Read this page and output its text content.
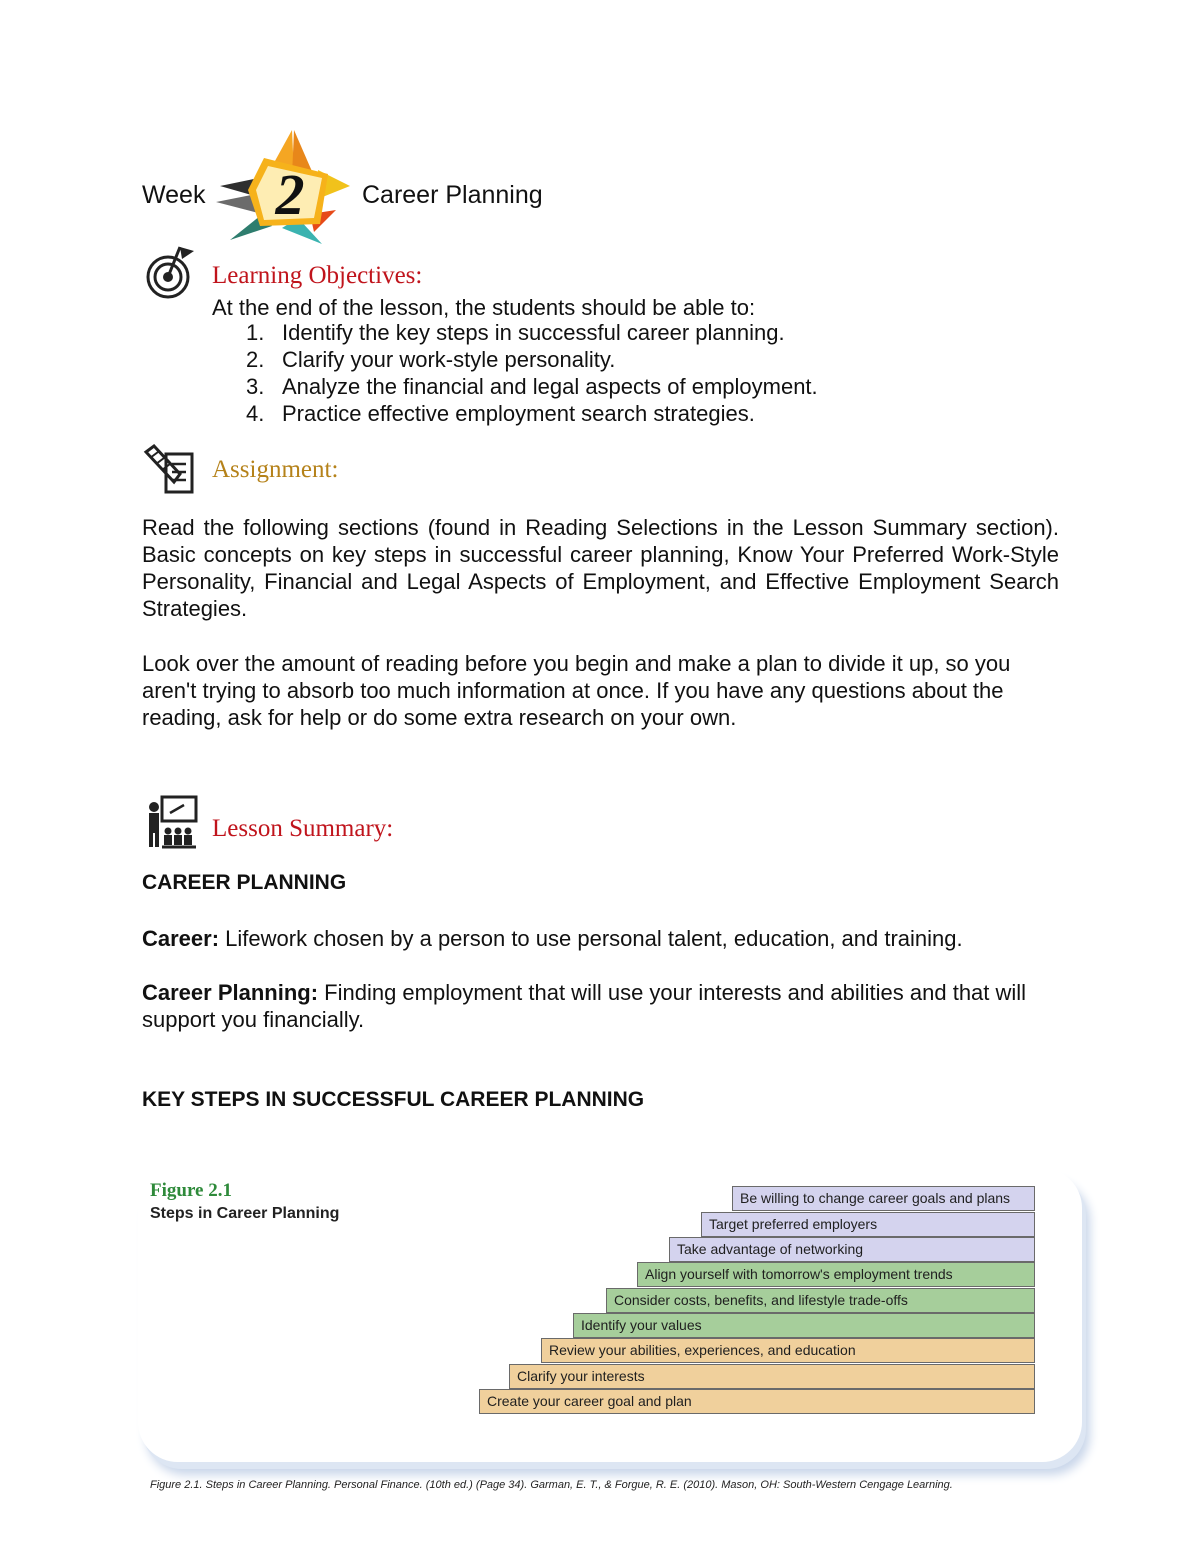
Week 2 Career Planning
Learning Objectives:
At the end of the lesson, the students should be able to:
1. Identify the key steps in successful career planning.
2. Clarify your work-style personality.
3. Analyze the financial and legal aspects of employment.
4. Practice effective employment search strategies.
Assignment:
Read the following sections (found in Reading Selections in the Lesson Summary section). Basic concepts on key steps in successful career planning, Know Your Preferred Work-Style Personality, Financial and Legal Aspects of Employment, and Effective Employment Search Strategies.
Look over the amount of reading before you begin and make a plan to divide it up, so you aren't trying to absorb too much information at once. If you have any questions about the reading, ask for help or do some extra research on your own.
Lesson Summary:
CAREER PLANNING
Career: Lifework chosen by a person to use personal talent, education, and training.
Career Planning: Finding employment that will use your interests and abilities and that will support you financially.
KEY STEPS IN SUCCESSFUL CAREER PLANNING
Figure 2.1
Steps in Career Planning
Create your career goal and plan
Clarify your interests
Review your abilities, experiences, and education
Identify your values
Consider costs, benefits, and lifestyle trade-offs
Align yourself with tomorrow's employment trends
Take advantage of networking
Target preferred employers
Be willing to change career goals and plans
Figure 2.1. Steps in Career Planning. Personal Finance. (10th ed.) (Page 34). Garman, E. T., & Forgue, R. E. (2010). Mason, OH: South-Western Cengage Learning.
